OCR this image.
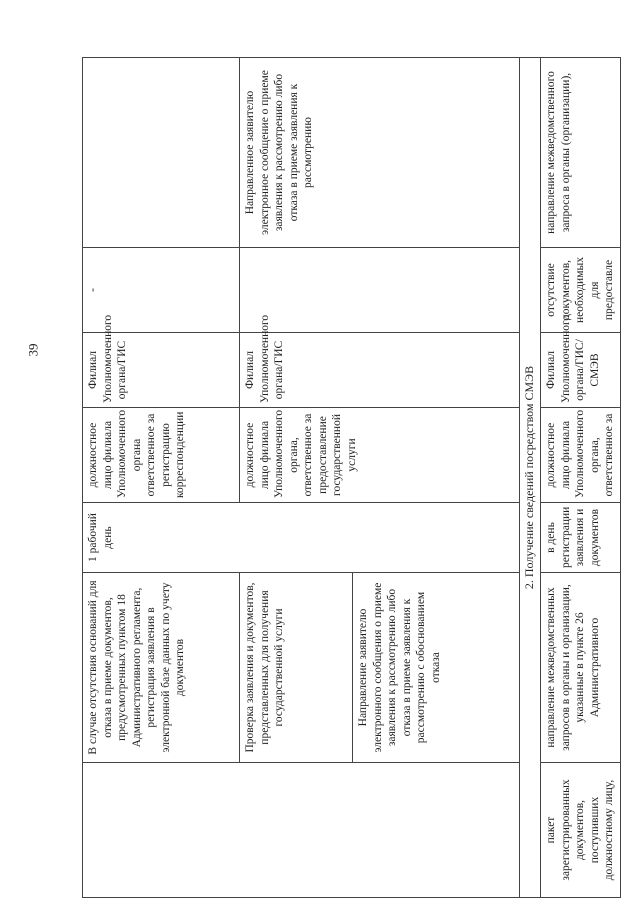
39
	В случае отсутствия оснований для отказа в приеме документов, предусмотренных пунктом 18 Административного регламента, регистрация заявления в электронной базе данных по учету документов	1 рабочий день	должностное лицо филиала Уполномоченного органа ответственное за регистрацию корреспонденции	Филиал Уполномоченного органа/ГИС	-	
	Проверка заявления и документов, представленных для получения государственной услуги		должностное лицо филиала Уполномоченного органа, ответственное за предоставление государственной услуги	Филиал Уполномоченного органа/ГИС		Направленное заявителю электронное сообщение о приеме заявления к рассмотрению либо отказа в приеме заявления к рассмотрению
	Направление заявителю электронного сообщения о приеме заявления к рассмотрению либо отказа в приеме заявления к рассмотрению с обоснованием отказа					
2. Получение сведений посредством СМЭВ						
пакет зарегистрированных документов, поступивших должностному лицу,	направление межведомственных запросов в органы и организации, указанные в пункте 26 Административного	в день регистрации заявления и документов	должностное лицо филиала Уполномоченного органа, ответственное за	Филиал Уполномоченного органа/ГИС/ СМЭВ	отсутствие документов, необходимых для предоставле	направление межведомственного запроса в органы (организации),
